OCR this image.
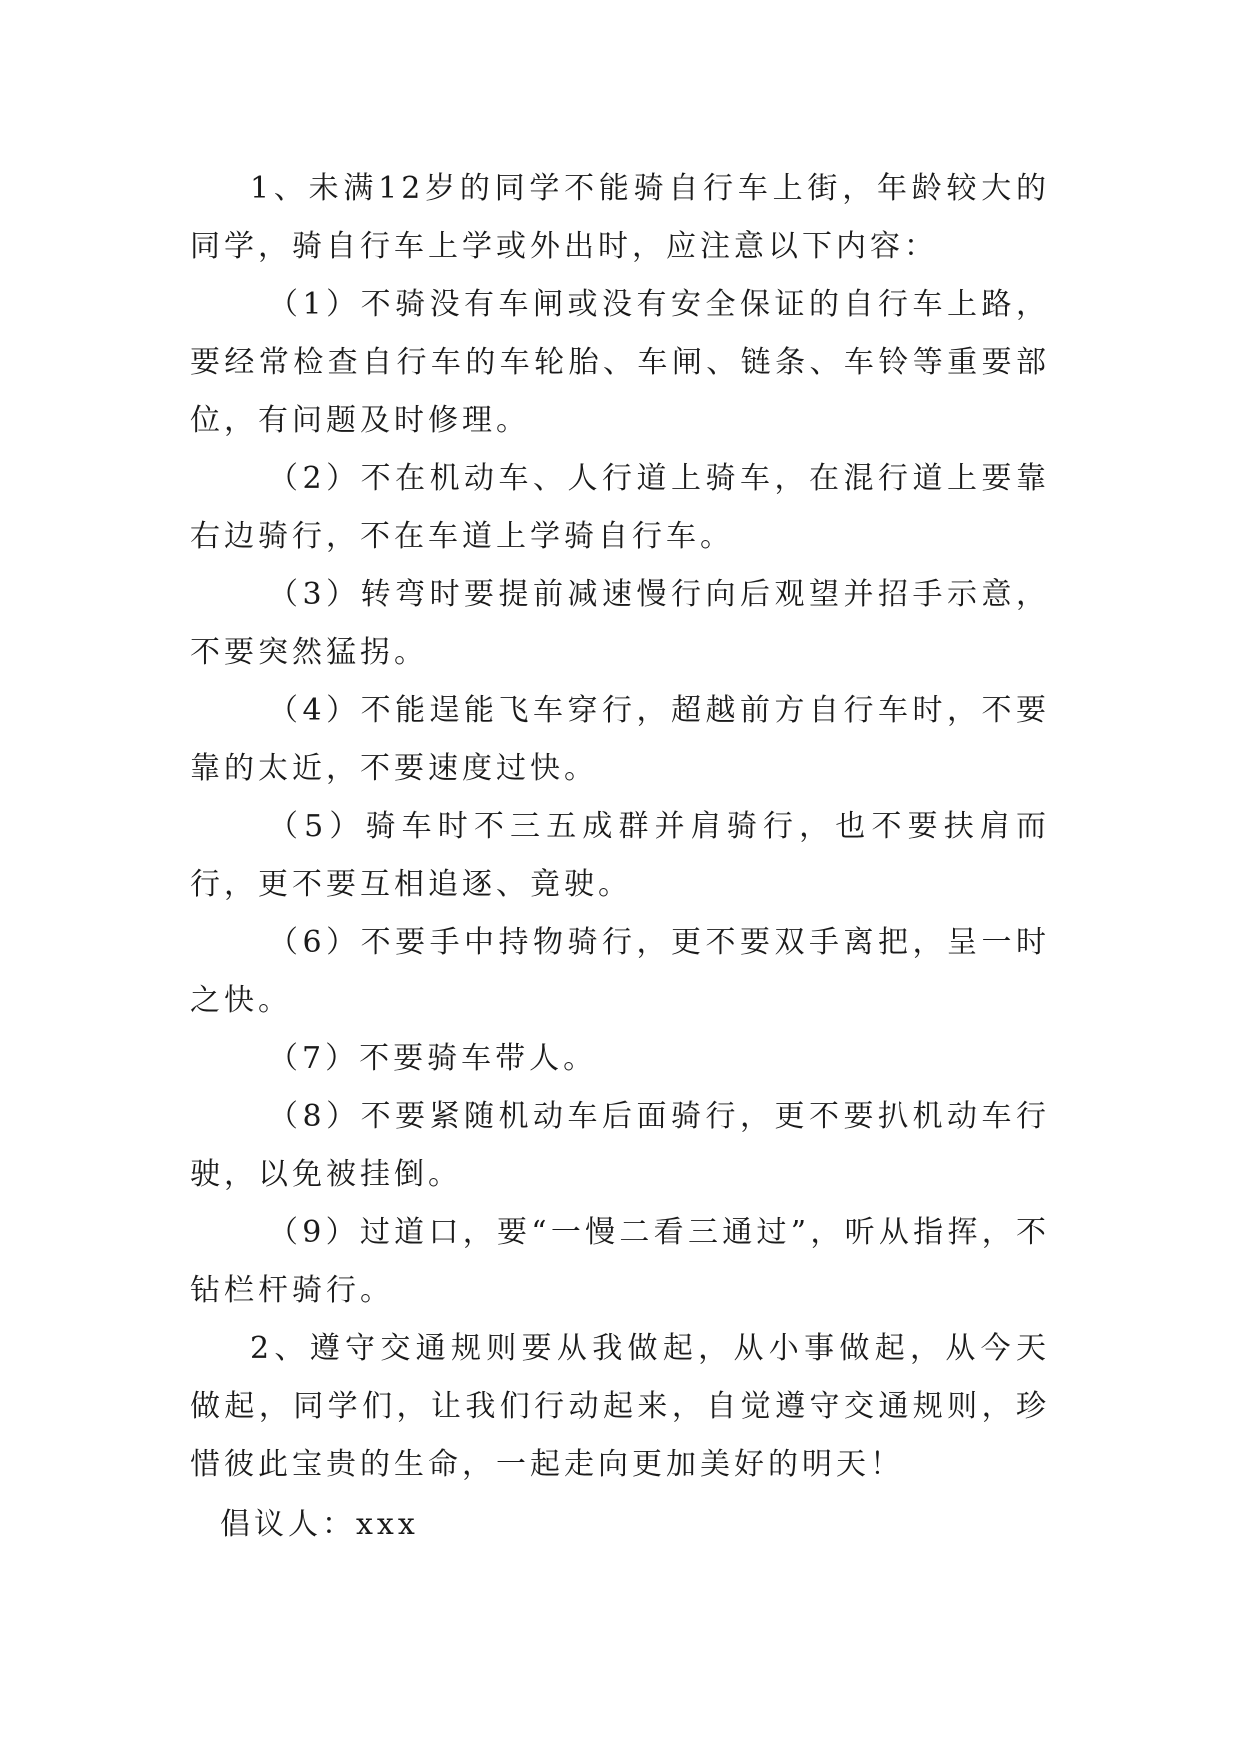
1、未满12岁的同学不能骑自行车上街，年龄较大的同学，骑自行车上学或外出时，应注意以下内容：

（1）不骑没有车闸或没有安全保证的自行车上路，要经常检查自行车的车轮胎、车闸、链条、车铃等重要部位，有问题及时修理。

（2）不在机动车、人行道上骑车，在混行道上要靠右边骑行，不在车道上学骑自行车。

（3）转弯时要提前减速慢行向后观望并招手示意，不要突然猛拐。

（4）不能逞能飞车穿行，超越前方自行车时，不要靠的太近，不要速度过快。

（5）骑车时不三五成群并肩骑行，也不要扶肩而行，更不要互相追逐、竟驶。

（6）不要手中持物骑行，更不要双手离把，呈一时之快。

（7）不要骑车带人。

（8）不要紧随机动车后面骑行，更不要扒机动车行驶，以免被挂倒。

（9）过道口，要“一慢二看三通过”，听从指挥，不钻栏杆骑行。

2、遵守交通规则要从我做起，从小事做起，从今天做起，同学们，让我们行动起来，自觉遵守交通规则，珍惜彼此宝贵的生命，一起走向更加美好的明天！

倡议人：xxx
